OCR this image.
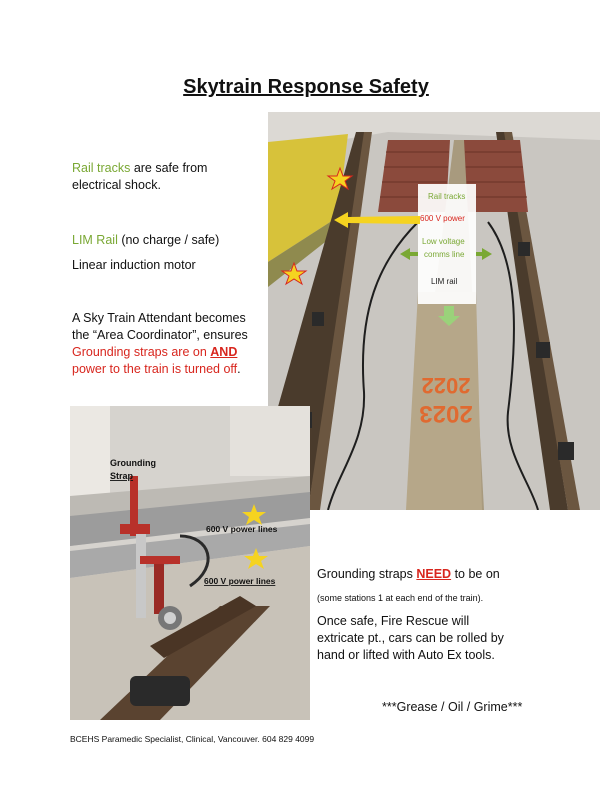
Skytrain Response Safety
Rail tracks
600 V power
Low voltage
comms line
LIM rail
2022
2023
Rail tracks are safe from electrical shock.
LIM Rail (no charge / safe)
Linear induction motor
A Sky Train Attendant becomes the “Area Coordinator”, ensures Grounding straps are on AND power to the train is turned off.
Grounding
Strap
600 V power lines
600 V power lines	Grounding straps NEED to be on
(some stations 1 at each end of the train).
Once safe, Fire Rescue will extricate pt., cars can be rolled by hand or lifted with Auto Ex tools.
***Grease / Oil / Grime***
BCEHS Paramedic Specialist, Clinical, Vancouver. 604 829 4099
